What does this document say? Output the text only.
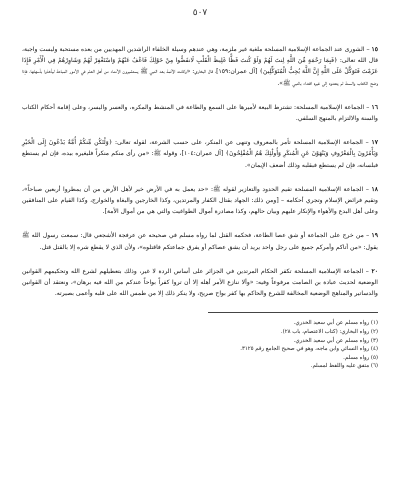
٥٠٧

١٥ – الشورى عند الجماعة الإسلامية المسلحة ملغية غير ملزمة، وهي عندهم وسيلة الخلفاء الراشدين المهديين من بعده مستحبة وليست واجبة، قال الله تعالى: ﴿فَبِمَا رَحْمَةٍ مِّنَ اللَّهِ لِنتَ لَهُمْ وَلَوْ كُنتَ فَظًّا غَلِيظَ الْقَلْبِ لَانفَضُّوا مِنْ حَوْلِكَ فَاعْفُ عَنْهُمْ وَاسْتَغْفِرْ لَهُمْ وَشَاوِرْهُمْ فِي الْأَمْرِ فَإِذَا عَزَمْتَ فَتَوَكَّلْ عَلَى اللَّهِ إِنَّ اللَّهَ يُحِبُّ الْمُتَوَكِّلِينَ﴾ [آل عمران:١٥٩]، قال البخاري: «وكانت الأئمة بعد النبي ﷺ يستشيرون الأمناء من أهل العلم في الأمور المباحة ليأخذوا بأسهلها، فإذا وضح الكتاب والسنة لم يتعدوه إلى غيره اقتداء بالنبي ﷺ».

١٦ – الجماعة الإسلامية المسلحة: تشترط البيعة لأميرها على السمع والطاعة في المنشط والمكره، والعسر واليسر، وعلى إقامة أحكام الكتاب والسنة والالتزام بالمنهج السلفي.

١٧ – الجماعة الإسلامية المسلحة تأمر بالمعروف وتنهى عن المنكر، على حسب الشرعة، لقوله تعالى: ﴿وَلْتَكُن مِّنكُمْ أُمَّةٌ يَدْعُونَ إِلَى الْخَيْرِ وَيَأْمُرُونَ بِالْمَعْرُوفِ وَيَنْهَوْنَ عَنِ الْمُنكَرِ وَأُولَٰئِكَ هُمُ الْمُفْلِحُونَ﴾ [آل عمران:١٠٤]، وقوله ﷺ: «من رأى منكم منكراً فليغيره بيده، فإن لم يستطع فبلسانه، فإن لم يستطع فبقلبه وذلك أضعف الإيمان».

١٨ – الجماعة الإسلامية المسلحة تقيم الحدود والتعازير لقوله ﷺ: «حد يعمل به في الأرض خير لأهل الأرض من أن يمطروا أربعين صباحاً»، وتقيم فرائض الإسلام وتجري أحكامه – [ومن ذلك: الجهاد بقتال الكفار والمرتدين، وكذا الخارجين والبغاة والخوارج، وكذا القيام على المنافقين وعلى أهل البدع والأهواء والإنكار عليهم وبيان حالهم، وكذا مصادرة أموال الطواغيت والتي هي من أموال الأمة].

١٩ – من خرج على الجماعة أو شق عصا الطاعة، فحكمه القتل لما رواه مسلم في صحيحه عن عرفجة الأشجعي قال: سمعت رسول الله ﷺ يقول: «من أتاكم وأمركم جميع على رجل واحد يريد أن يشق عصاكم أو يفرق جماعتكم فاقتلوه»، ولأن الذي لا يقطع شره إلا بالقتل قتل.

٢٠ – الجماعة الإسلامية المسلحة تكفر الحكام المرتدين في الجزائر على أساس الردة لا غير، وذلك بتعطيلهم لشرع الله وتحكيمهم القوانين الوضعية لحديث عبادة بن الصامت مرفوعاً وفيه: «وألا ننازع الأمر أهله إلا أن تروا كفراً بواحاً عندكم من الله فيه برهان»، ونعتقد أن القوانين والدساتير والمناهج الوضعية المخالفة للشرع والحاكم بها كفر بواح صريح، ولا ينكر ذلك إلا من طمس الله على قلبه وأعمى بصيرته.

(١) رواه مسلم عن أبي سعيد الخدري.
(٢) رواه البخاري: (كتاب الاعتصام، باب ٢٨).
(٣) رواه مسلم عن أبي سعيد الخدري.
(٤) رواه النسائي وابن ماجه، وهو في صحيح الجامع رقم ٣١٢٥.
(٥) رواه مسلم.
(٦) متفق عليه واللفظ لمسلم.
